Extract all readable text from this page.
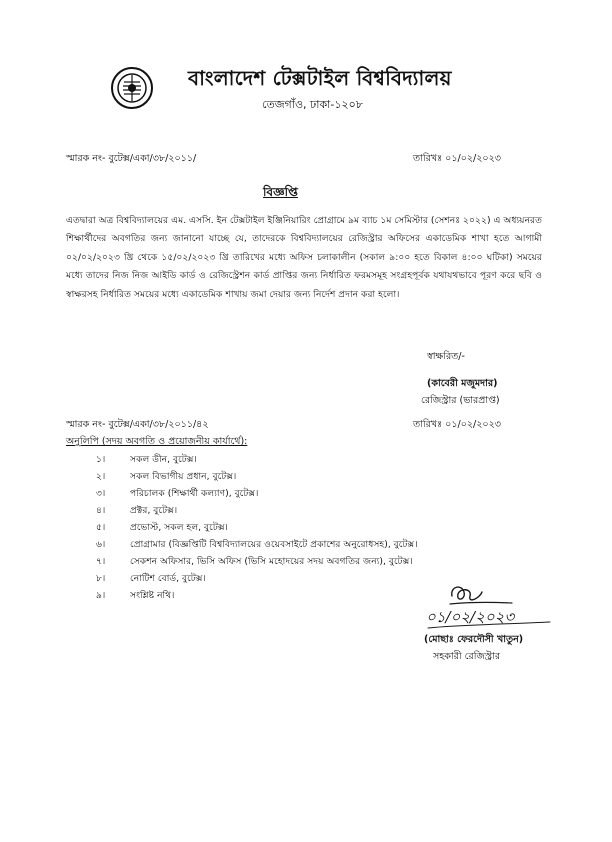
বাংলাদেশ টেক্সটাইল বিশ্ববিদ্যালয়
তেজগাঁও, ঢাকা-১২০৮
স্মারক নং- বুটেক্স/একা/৩৮/২০১১/	তারিখঃ ০১/০২/২০২৩
বিজ্ঞপ্তি
এতদ্বারা অত্র বিশ্ববিদ্যালয়ের এম. এসসি. ইন টেক্সটাইল ইঞ্জিনিয়ারিং প্রোগ্রামে ৯ম ব্যাচ ১ম সেমিস্টার (সেশনঃ ২০২২) এ অধ্যয়নরত শিক্ষার্থীদের অবগতির জন্য জানানো যাচ্ছে যে, তাদেরকে বিশ্ববিদ্যালয়ের রেজিস্ট্রার অফিসের একাডেমিক শাখা হতে আগামী ০২/০২/২০২৩ খ্রি থেকে ১৫/০২/২০২৩ খ্রি তারিখের মধ্যে অফিস চলাকালীন (সকাল ৯:০০ হতে বিকাল ৪:০০ ঘটিকা) সময়ের মধ্যে তাদের নিজ নিজ আইডি কার্ড ও রেজিস্ট্রেশন কার্ড প্রাপ্তির জন্য নির্ধারিত ফরমসমূহ সংগ্রহপূর্বক যথাযথভাবে পূরণ করে ছবি ও স্বাক্ষরসহ নির্ধারিত সময়ের মধ্যে একাডেমিক শাখায় জমা দেয়ার জন্য নির্দেশ প্রদান করা হলো।
স্বাক্ষরিত/-
(কাবেরী মজুমদার)
রেজিস্ট্রার (ভারপ্রাপ্ত)
স্মারক নং- বুটেক্স/একা/৩৮/২০১১/৪২	তারিখঃ ০১/০২/২০২৩
অনুলিপি (সদয় অবগতি ও প্রয়োজনীয় কার্যার্থে):
১।	সকল ডীন, বুটেক্স।
২।	সকল বিভাগীয় প্রধান, বুটেক্স।
৩।	পরিচালক (শিক্ষার্থী কল্যাণ), বুটেক্স।
৪।	প্রক্টর, বুটেক্স।
৫।	প্রভোস্ট, সকল হল, বুটেক্স।
৬।	প্রোগ্রামার (বিজ্ঞপ্তিটি বিশ্ববিদ্যালয়ের ওয়েবসাইটে প্রকাশের অনুরোধসহ), বুটেক্স।
৭।	সেকশন অফিসার, ভিসি অফিস (ভিসি মহোদয়ের সদয় অবগতির জন্য), বুটেক্স।
৮।	নোটিশ বোর্ড, বুটেক্স।
৯।	সংশ্লিষ্ট নথি।
০১/০২/২০২৩
(মোছাঃ ফেরদৌসী খাতুন)
সহকারী রেজিস্ট্রার
